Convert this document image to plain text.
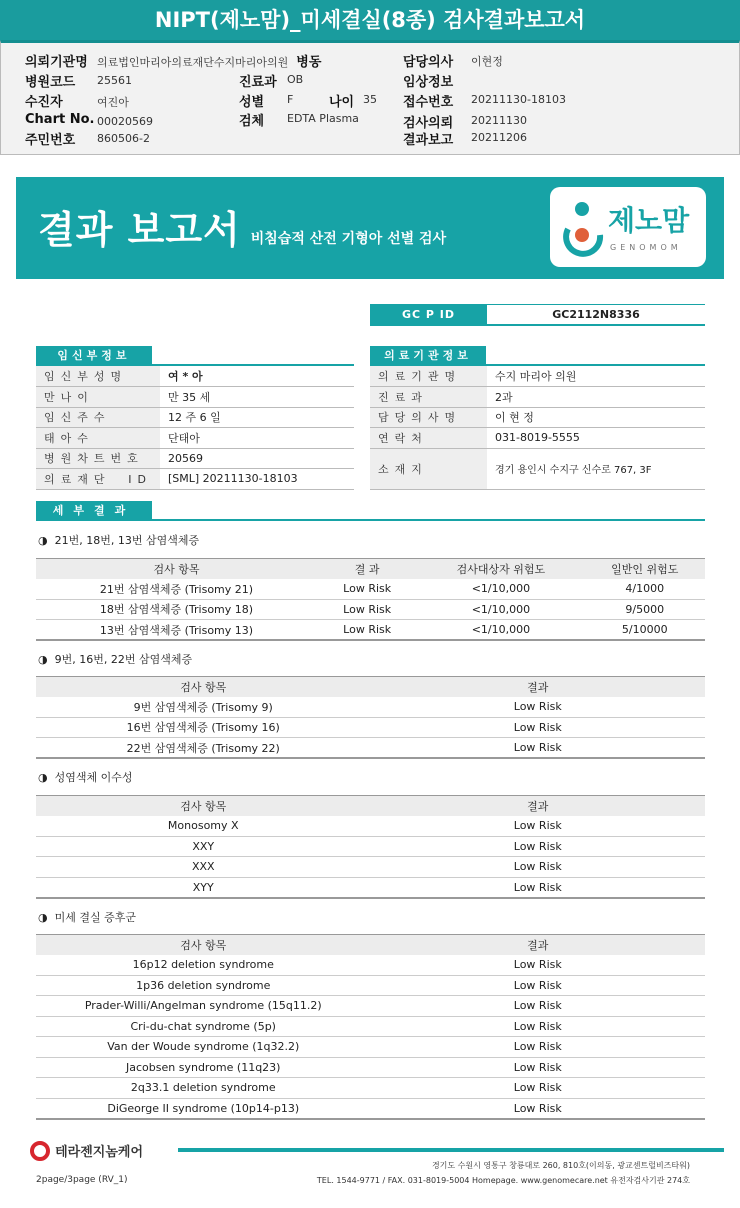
NIPT(제노맘)_미세결실(8종) 검사결과보고서
의뢰기관명 의료법인마리아의료재단수지마리아의원 병동
병원코드 25561
수진자	여진아
Chart No. 00020569
주민번호 860506-2
진료과 OB
성별 F	나이 35
검체 EDTA Plasma
담당의사 이현정
임상정보
접수번호 20211130-18103
검사의뢰 20211130
결과보고 20211206
결과 보고서 비침습적 산전 기형아 선별 검사
제노맘
GENOMOM
GC P ID	GC2112N8336
임신부정보
임신부성명	여 * 아
만나이	만 35 세
임신주수	12 주 6 일
태아수	단태아
병원차트번호	20569
의료재단 ID	[SML] 20211130-18103
의료기관정보
의료기관명	수지 마리아 의원
진료과	2과
담당의사명	이 현 정
연락처	031-8019-5555
소재지	경기 용인시 수지구 신수로 767, 3F
세부결과
◑ 21번, 18번, 13번 삼염색체증
검사 항목	결 과	검사대상자 위험도	일반인 위험도
21번 삼염색체증 (Trisomy 21)	Low Risk	<1/10,000	4/1000
18번 삼염색체증 (Trisomy 18)	Low Risk	<1/10,000	9/5000
13번 삼염색체증 (Trisomy 13)	Low Risk	<1/10,000	5/10000
◑ 9번, 16번, 22번 삼염색체증
검사 항목	결과
9번 삼염색체증 (Trisomy 9)	Low Risk
16번 삼염색체증 (Trisomy 16)	Low Risk
22번 삼염색체증 (Trisomy 22)	Low Risk
◑ 성염색체 이수성
검사 항목	결과
Monosomy X	Low Risk
XXY	Low Risk
XXX	Low Risk
XYY	Low Risk
◑ 미세 결실 증후군
검사 항목	결과
16p12 deletion syndrome	Low Risk
1p36 deletion syndrome	Low Risk
Prader-Willi/Angelman syndrome (15q11.2)	Low Risk
Cri-du-chat syndrome (5p)	Low Risk
Van der Woude syndrome (1q32.2)	Low Risk
Jacobsen syndrome (11q23)	Low Risk
2q33.1 deletion syndrome	Low Risk
DiGeorge II syndrome (10p14-p13)	Low Risk
테라젠지놈케어
2page/3page (RV_1)
경기도 수원시 영통구 창룡대로 260, 810호(이의동, 광교센트럴비즈타워)
TEL. 1544-9771 / FAX. 031-8019-5004 Homepage. www.genomecare.net 유전자검사기관 274호
